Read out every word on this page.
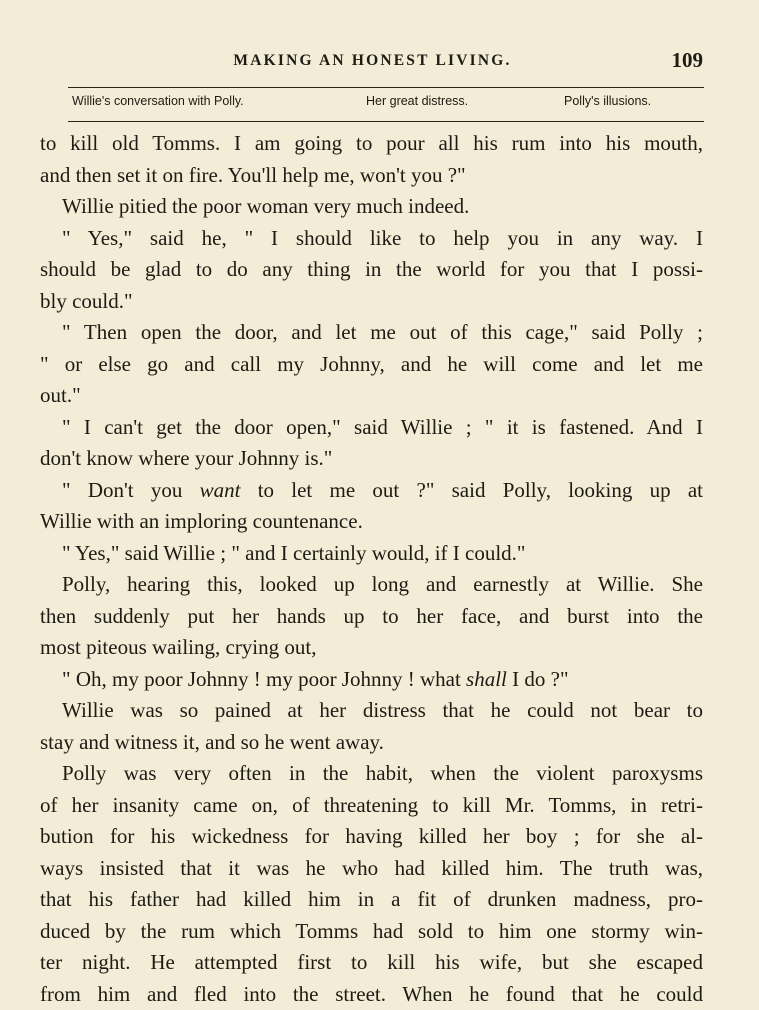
MAKING AN HONEST LIVING.	109
Willie's conversation with Polly.	Her great distress.	Polly's illusions.
to kill old Tomms. I am going to pour all his rum into his mouth,
and then set it on fire. You'll help me, won't you ?"
Willie pitied the poor woman very much indeed.
" Yes," said he, " I should like to help you in any way. I
should be glad to do any thing in the world for you that I possi-
bly could."
" Then open the door, and let me out of this cage," said Polly ;
" or else go and call my Johnny, and he will come and let me
out."
" I can't get the door open," said Willie ; " it is fastened. And I
don't know where your Johnny is."
" Don't you want to let me out ?" said Polly, looking up at
Willie with an imploring countenance.
" Yes," said Willie ; " and I certainly would, if I could."
Polly, hearing this, looked up long and earnestly at Willie. She
then suddenly put her hands up to her face, and burst into the
most piteous wailing, crying out,
" Oh, my poor Johnny ! my poor Johnny ! what shall I do ?"
Willie was so pained at her distress that he could not bear to
stay and witness it, and so he went away.
Polly was very often in the habit, when the violent paroxysms
of her insanity came on, of threatening to kill Mr. Tomms, in retri-
bution for his wickedness for having killed her boy ; for she al-
ways insisted that it was he who had killed him. The truth was,
that his father had killed him in a fit of drunken madness, pro-
duced by the rum which Tomms had sold to him one stormy win-
ter night. He attempted first to kill his wife, but she escaped
from him and fled into the street. When he found that he could
